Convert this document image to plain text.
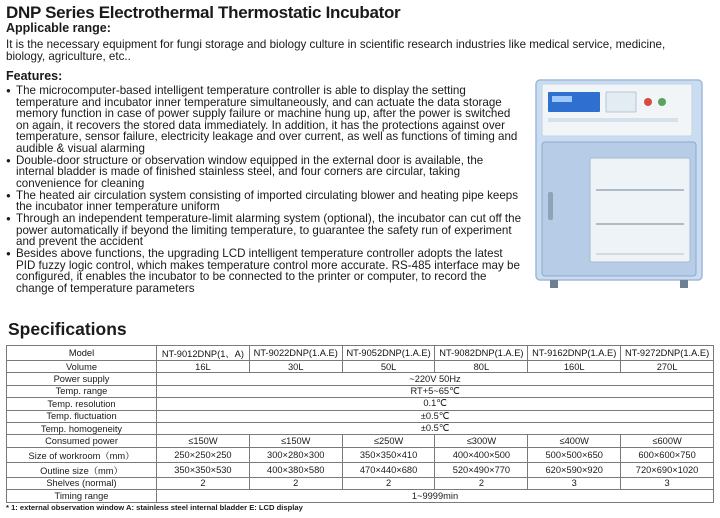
DNP Series Electrothermal Thermostatic Incubator
Applicable range:
It is the necessary equipment for fungi storage and biology culture in scientific research industries like medical service, medicine,
biology, agriculture, etc..
Features:
● The microcomputer-based intelligent temperature controller is able to display the setting temperature and incubator inner temperature simultaneously, and can actuate the data storage memory function in case of power supply failure or machine hung up, after the power is switched on again, it recovers the stored data immediately. In addition, it has the protections against over temperature, sensor failure, electricity leakage and over current, as well as functions of timing and audible & visual alarming
● Double-door structure or observation window equipped in the external door is available, the internal bladder is made of finished stainless steel, and four corners are circular, taking convenience for cleaning
● The heated air circulation system consisting of imported circulating blower and heating pipe keeps the incubator inner temperature uniform
● Through an independent temperature-limit alarming system (optional), the incubator can cut off the power automatically if beyond the limiting temperature, to guarantee the safety run of experiment and prevent the accident
● Besides above functions, the upgrading LCD intelligent temperature controller adopts the latest PID fuzzy logic control, which makes temperature control more accurate. RS-485 interface may be configured, it enables the incubator to be connected to the printer or computer, to record the change of temperature parameters
Specifications
Model	NT-9012DNP(1、A)	NT-9022DNP(1.A.E)	NT-9052DNP(1.A.E)	NT-9082DNP(1.A.E)	NT-9162DNP(1.A.E)	NT-9272DNP(1.A.E)
Volume	16L	30L	50L	80L	160L	270L
Power supply	~220V 50Hz					
Temp. range	RT+5~65℃					
Temp. resolution	0.1℃					
Temp. fluctuation	±0.5℃					
Temp. homogeneity	±0.5℃					
Consumed power	≤150W	≤150W	≤250W	≤300W	≤400W	≤600W
Size of workroom（mm）	250×250×250	300×280×300	350×350×410	400×400×500	500×500×650	600×600×750
Outline size（mm）	350×350×530	400×380×580	470×440×680	520×490×770	620×590×920	720×690×1020
Shelves (normal)	2	2	2	2	3	3
Timing range	1~9999min					
* 1: external observation window A: stainless steel internal bladder E: LCD display
